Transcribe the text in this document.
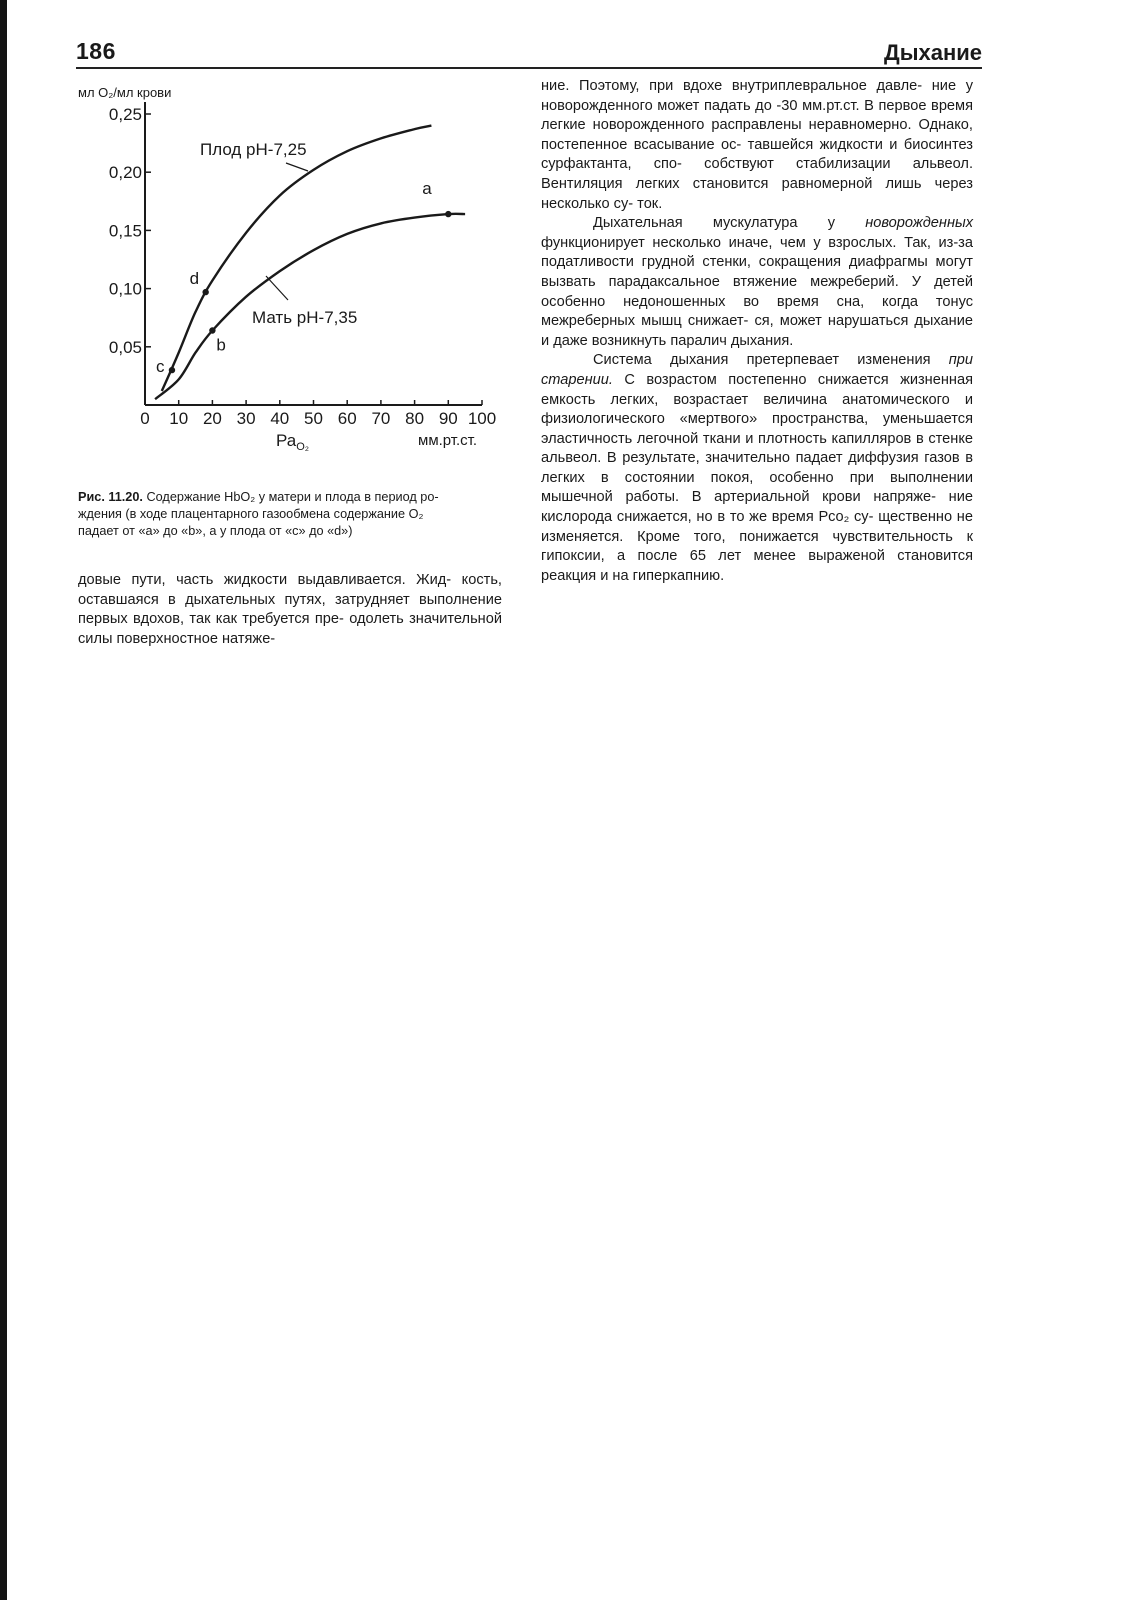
186	Дыхание
мл О₂/мл крови
0,05
0,10
0,15
0,20
0,25
0 10 20 30 40 50 60 70 80 90 100
a
b
c
d
Плод pH-7,25
Мать pH-7,35
$Ра_{O_2}$	мм.рт.ст.
Рис. 11.20. Содержание HbO₂ у матери и плода в период ро-
ждения (в ходе плацентарного газообмена содержание O₂
падает от «а» до «b», а у плода от «с» до «d»)

довые пути, часть жидкости выдавливается. Жид- кость, оставшаяся в дыхательных путях, затрудняет выполнение первых вдохов, так как требуется пре- одолеть значительной силы поверхностное натяже-

ние. Поэтому, при вдохе внутриплевральное давле- ние у новорожденного может падать до -30 мм.рт.ст. В первое время легкие новорожденного расправлены неравномерно. Однако, постепенное всасывание ос- тавшейся жидкости и биосинтез сурфактанта, спо- собствуют стабилизации альвеол. Вентиляция легких становится равномерной лишь через несколько су- ток.

Дыхательная мускулатура у новорожденных функционирует несколько иначе, чем у взрослых. Так, из-за податливости грудной стенки, сокращения диафрагмы могут вызвать парадаксальное втяжение межреберий. У детей особенно недоношенных во время сна, когда тонус межреберных мышц снижает- ся, может нарушаться дыхание и даже возникнуть паралич дыхания.

Система дыхания претерпевает изменения при старении. С возрастом постепенно снижается жизненная емкость легких, возрастает величина анатомического и физиологического «мертвого» пространства, уменьшается эластичность легочной ткани и плотность капилляров в стенке альвеол. В результате, значительно падает диффузия газов в легких в состоянии покоя, особенно при выполнении мышечной работы. В артериальной крови напряже- ние кислорода снижается, но в то же время Рco₂ су- щественно не изменяется. Кроме того, понижается чувствительность к гипоксии, а после 65 лет менее выраженой становится реакция и на гиперкапнию.
